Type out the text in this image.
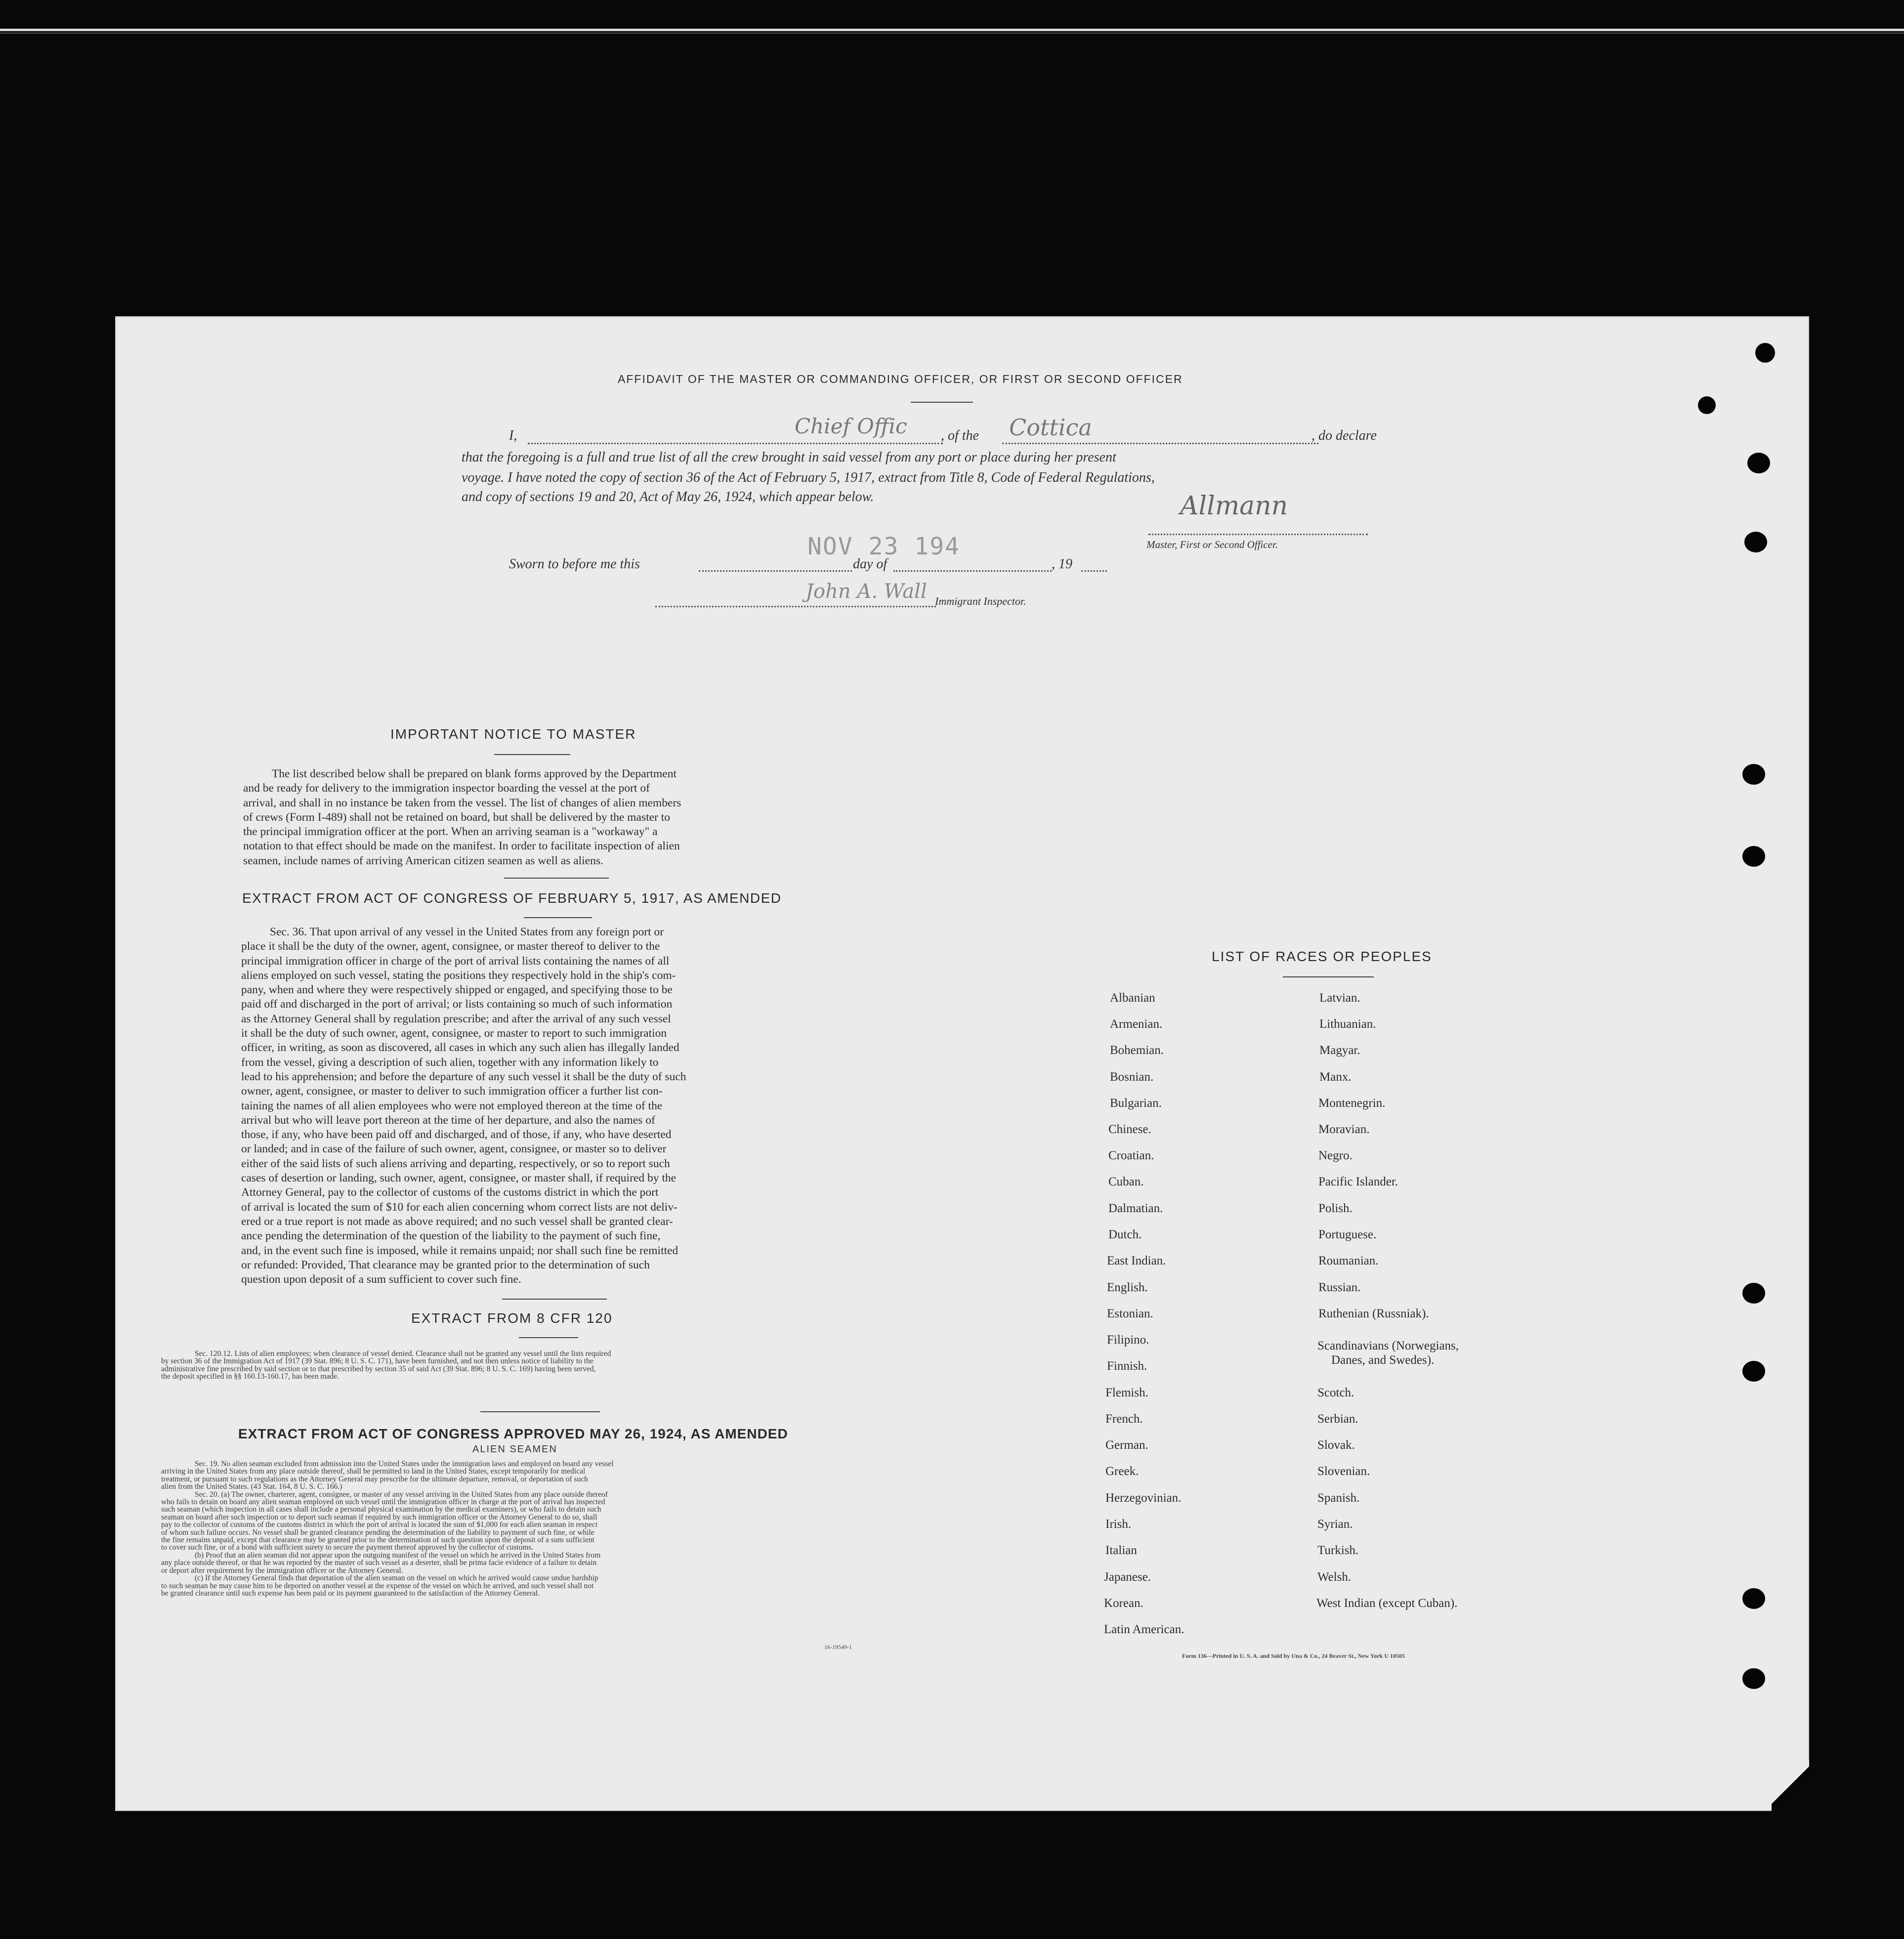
AFFIDAVIT OF THE MASTER OR COMMANDING OFFICER, OR FIRST OR SECOND OFFICER
I,	Chief Offic , of the Cottica	, do declare
that the foregoing is a full and true list of all the crew brought in said vessel from any port or place during her present
voyage. I have noted the copy of section 36 of the Act of February 5, 1917, extract from Title 8, Code of Federal Regulations,
and copy of sections 19 and 20, Act of May 26, 1924, which appear below.	Allmann
Master, First or Second Officer.
Sworn to before me this
NOV 23 194
day of	, 19
John A. Wall Immigrant Inspector.
IMPORTANT NOTICE TO MASTER

The list described below shall be prepared on blank forms approved by the Department

and be ready for delivery to the immigration inspector boarding the vessel at the port of

arrival, and shall in no instance be taken from the vessel. The list of changes of alien members

of crews (Form I-489) shall not be retained on board, but shall be delivered by the master to

the principal immigration officer at the port. When an arriving seaman is a "workaway" a

notation to that effect should be made on the manifest. In order to facilitate inspection of alien

seamen, include names of arriving American citizen seamen as well as aliens.

EXTRACT FROM ACT OF CONGRESS OF FEBRUARY 5, 1917, AS AMENDED

Sec. 36. That upon arrival of any vessel in the United States from any foreign port or

place it shall be the duty of the owner, agent, consignee, or master thereof to deliver to the

principal immigration officer in charge of the port of arrival lists containing the names of all

aliens employed on such vessel, stating the positions they respectively hold in the ship's com-

pany, when and where they were respectively shipped or engaged, and specifying those to be

paid off and discharged in the port of arrival; or lists containing so much of such information

as the Attorney General shall by regulation prescribe; and after the arrival of any such vessel

it shall be the duty of such owner, agent, consignee, or master to report to such immigration

officer, in writing, as soon as discovered, all cases in which any such alien has illegally landed

from the vessel, giving a description of such alien, together with any information likely to

lead to his apprehension; and before the departure of any such vessel it shall be the duty of such

owner, agent, consignee, or master to deliver to such immigration officer a further list con-

taining the names of all alien employees who were not employed thereon at the time of the

arrival but who will leave port thereon at the time of her departure, and also the names of

those, if any, who have been paid off and discharged, and of those, if any, who have deserted

or landed; and in case of the failure of such owner, agent, consignee, or master so to deliver

either of the said lists of such aliens arriving and departing, respectively, or so to report such

cases of desertion or landing, such owner, agent, consignee, or master shall, if required by the

Attorney General, pay to the collector of customs of the customs district in which the port

of arrival is located the sum of $10 for each alien concerning whom correct lists are not deliv-

ered or a true report is not made as above required; and no such vessel shall be granted clear-

ance pending the determination of the question of the liability to the payment of such fine,

and, in the event such fine is imposed, while it remains unpaid; nor shall such fine be remitted

or refunded: Provided, That clearance may be granted prior to the determination of such

question upon deposit of a sum sufficient to cover such fine.

EXTRACT FROM 8 CFR 120

Sec. 120.12. Lists of alien employees; when clearance of vessel denied. Clearance shall not be granted any vessel until the lists required

by section 36 of the Immigration Act of 1917 (39 Stat. 896; 8 U. S. C. 171), have been furnished, and not then unless notice of liability to the

administrative fine prescribed by said section or to that prescribed by section 35 of said Act (39 Stat. 896; 8 U. S. C. 169) having been served,

the deposit specified in §§ 160.13-160.17, has been made.

EXTRACT FROM ACT OF CONGRESS APPROVED MAY 26, 1924, AS AMENDED
ALIEN SEAMEN

Sec. 19. No alien seaman excluded from admission into the United States under the immigration laws and employed on board any vessel

arriving in the United States from any place outside thereof, shall be permitted to land in the United States, except temporarily for medical

treatment, or pursuant to such regulations as the Attorney General may prescribe for the ultimate departure, removal, or deportation of such

alien from the United States. (43 Stat. 164, 8 U. S. C. 166.)

Sec. 20. (a) The owner, charterer, agent, consignee, or master of any vessel arriving in the United States from any place outside thereof

who fails to detain on board any alien seaman employed on such vessel until the immigration officer in charge at the port of arrival has inspected

such seaman (which inspection in all cases shall include a personal physical examination by the medical examiners), or who fails to detain such

seaman on board after such inspection or to deport such seaman if required by such immigration officer or the Attorney General to do so, shall

pay to the collector of customs of the customs district in which the port of arrival is located the sum of $1,000 for each alien seaman in respect

of whom such failure occurs. No vessel shall be granted clearance pending the determination of the liability to payment of such fine, or while

the fine remains unpaid, except that clearance may be granted prior to the determination of such question upon the deposit of a sum sufficient

to cover such fine, or of a bond with sufficient surety to secure the payment thereof approved by the collector of customs.

(b) Proof that an alien seaman did not appear upon the outgoing manifest of the vessel on which he arrived in the United States from

any place outside thereof, or that he was reported by the master of such vessel as a deserter, shall be prima facie evidence of a failure to detain

or deport after requirement by the immigration officer or the Attorney General.

(c) If the Attorney General finds that deportation of the alien seaman on the vessel on which he arrived would cause undue hardship

to such seaman he may cause him to be deported on another vessel at the expense of the vessel on which he arrived, and such vessel shall not

be granted clearance until such expense has been paid or its payment guaranteed to the satisfaction of the Attorney General.

16-19549-1
LIST OF RACES OR PEOPLES
Albanian
Armenian.
Bohemian.
Bosnian.
Bulgarian.
Chinese.
Croatian.
Cuban.
Dalmatian.
Dutch.
East Indian.
English.
Estonian.
Filipino.
Finnish.
Flemish.
French.
German.
Greek.
Herzegovinian.
Irish.
Italian
Japanese.
Korean.
Latin American.
Latvian.
Lithuanian.
Magyar.
Manx.
Montenegrin.
Moravian.
Negro.
Pacific Islander.
Polish.
Portuguese.
Roumanian.
Russian.
Ruthenian (Russniak).
Scandinavians (Norwegians,
Danes, and Swedes).
Scotch.
Serbian.
Slovak.
Slovenian.
Spanish.
Syrian.
Turkish.
Welsh.
West Indian (except Cuban).
Form 136—Printed in U. S. A. and Sold by Una & Co., 24 Beaver St., New York U 10505
